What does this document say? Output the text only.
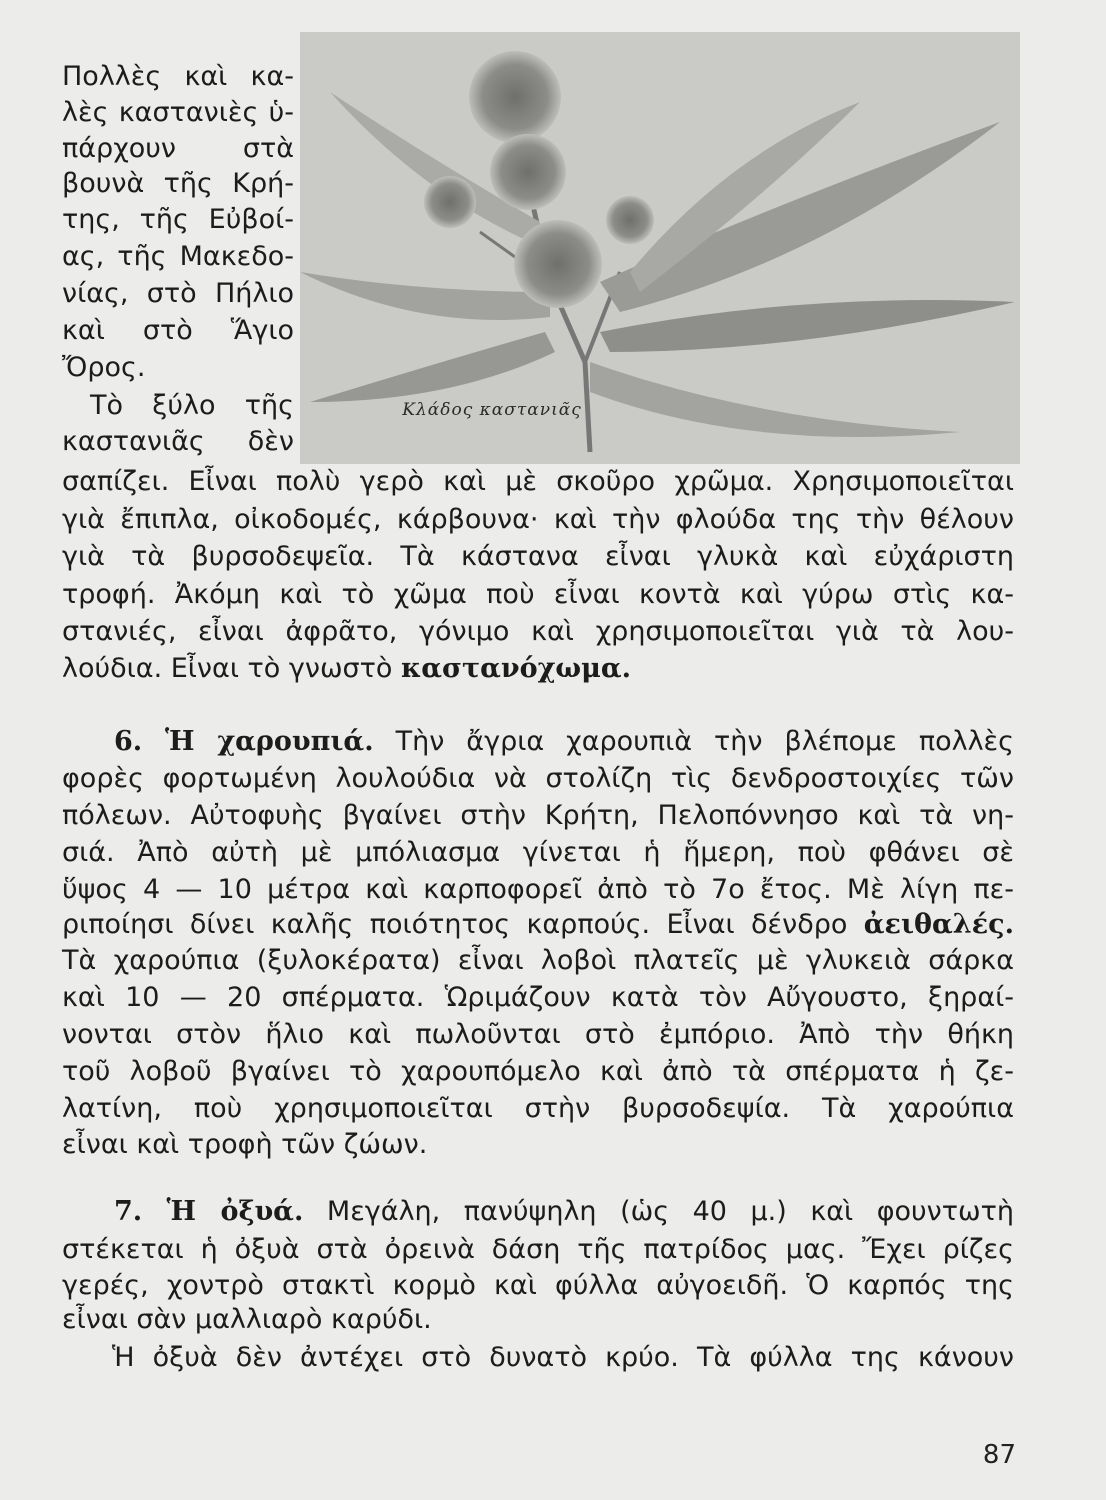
Κλάδος καστανιᾶς
Πολλὲς καὶ κα-
λὲς καστανιὲς ὑ-
πάρχουν στὰ
βουνὰ τῆς Κρή-
της, τῆς Εὐβοί-
ας, τῆς Μακεδο-
νίας, στὸ Πήλιο
καὶ στὸ Ἅγιο
Ὄρος.
Τὸ ξύλο τῆς
καστανιᾶς δὲν
σαπίζει. Εἶναι πολὺ γερὸ καὶ μὲ σκοῦρο χρῶμα. Χρησιμοποιεῖται
γιὰ ἔπιπλα, οἰκοδομές, κάρβουνα· καὶ τὴν φλούδα της τὴν θέλουν
γιὰ τὰ βυρσοδεψεῖα. Τὰ κάστανα εἶναι γλυκὰ καὶ εὐχάριστη
τροφή. Ἀκόμη καὶ τὸ χῶμα ποὺ εἶναι κοντὰ καὶ γύρω στὶς κα-
στανιές, εἶναι ἀφρᾶτο, γόνιμο καὶ χρησιμοποιεῖται γιὰ τὰ λου-
λούδια. Εἶναι τὸ γνωστὸ καστανόχωμα.
6. Ἡ χαρουπιά. Τὴν ἄγρια χαρουπιὰ τὴν βλέπομε πολλὲς
φορὲς φορτωμένη λουλούδια νὰ στολίζη τὶς δενδροστοιχίες τῶν
πόλεων. Αὐτοφυὴς βγαίνει στὴν Κρήτη, Πελοπόννησο καὶ τὰ νη-
σιά. Ἀπὸ αὐτὴ μὲ μπόλιασμα γίνεται ἡ ἥμερη, ποὺ φθάνει σὲ
ὕψος 4 — 10 μέτρα καὶ καρποφορεῖ ἀπὸ τὸ 7ο ἔτος. Μὲ λίγη πε-
ριποίησι δίνει καλῆς ποιότητος καρπούς. Εἶναι δένδρο ἀειθαλές.
Τὰ χαρούπια (ξυλοκέρατα) εἶναι λοβοὶ πλατεῖς μὲ γλυκειὰ σάρκα
καὶ 10 — 20 σπέρματα. Ὡριμάζουν κατὰ τὸν Αὔγουστο, ξηραί-
νονται στὸν ἥλιο καὶ πωλοῦνται στὸ ἐμπόριο. Ἀπὸ τὴν θήκη
τοῦ λοβοῦ βγαίνει τὸ χαρουπόμελο καὶ ἀπὸ τὰ σπέρματα ἡ ζε-
λατίνη, ποὺ χρησιμοποιεῖται στὴν βυρσοδεψία. Τὰ χαρούπια
εἶναι καὶ τροφὴ τῶν ζώων.
7. Ἡ ὀξυά. Μεγάλη, πανύψηλη (ὡς 40 μ.) καὶ φουντωτὴ
στέκεται ἡ ὀξυὰ στὰ ὀρεινὰ δάση τῆς πατρίδος μας. Ἔχει ρίζες
γερές, χοντρὸ στακτὶ κορμὸ καὶ φύλλα αὐγοειδῆ. Ὁ καρπός της
εἶναι σὰν μαλλιαρὸ καρύδι.
Ἡ ὀξυὰ δὲν ἀντέχει στὸ δυνατὸ κρύο. Τὰ φύλλα της κάνουν
87
